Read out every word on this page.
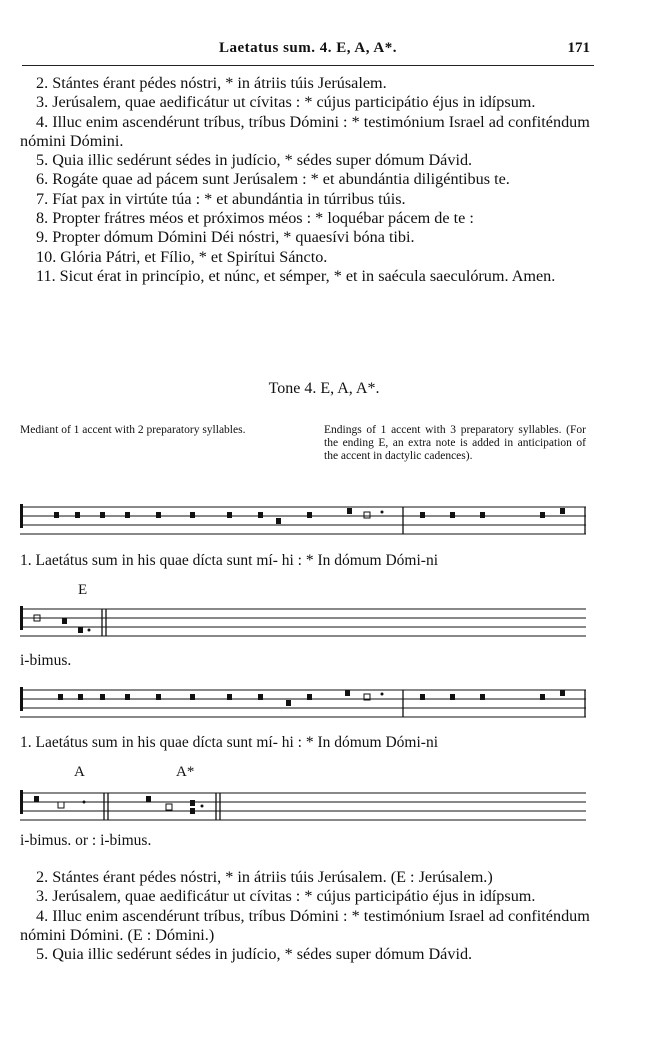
Laetatus sum. 4. E, A, A*.	171

2. Stántes érant pédes nóstri, * in átriis túis Jerúsalem.

3. Jerúsalem, quae aedificátur ut cívitas : * cújus participátio éjus in idípsum.

4. Illuc enim ascendérunt tríbus, tríbus Dómini : * testimónium Israel ad confiténdum nómini Dómini.

5. Quia illic sedérunt sédes in judício, * sédes super dómum Dávid.

6. Rogáte quae ad pácem sunt Jerúsalem : * et abundántia diligéntibus te.

7. Fíat pax in virtúte túa : * et abundántia in túrribus túis.

8. Propter frátres méos et próximos méos : * loquébar pácem de te :

9. Propter dómum Dómini Déi nóstri, * quaesívi bóna tibi.

10. Glória Pátri, et Fílio, * et Spirítui Sáncto.

11. Sicut érat in princípio, et núnc, et sémper, * et in saécula saeculórum. Amen.

Tone 4. E, A, A*.
Mediant of 1 accent with 2 preparatory syllables.	Endings of 1 accent with 3 preparatory syllables. (For the ending E, an extra note is added in anticipation of the accent in dactylic cadences).
1. Laetátus sum in his quae dícta sunt mí- hi : * In dómum Dómi-ni
E
i-bimus.
1. Laetátus sum in his quae dícta sunt mí- hi : * In dómum Dómi-ni
A	A*
i-bimus. or : i-bimus.

2. Stántes érant pédes nóstri, * in átriis túis Jerúsalem. (E : Jerúsalem.)

3. Jerúsalem, quae aedificátur ut cívitas : * cújus participátio éjus in idípsum.

4. Illuc enim ascendérunt tríbus, tríbus Dómini : * testimónium Israel ad confiténdum nómini Dómini. (E : Dómini.)

5. Quia illic sedérunt sédes in judício, * sédes super dómum Dávid.
